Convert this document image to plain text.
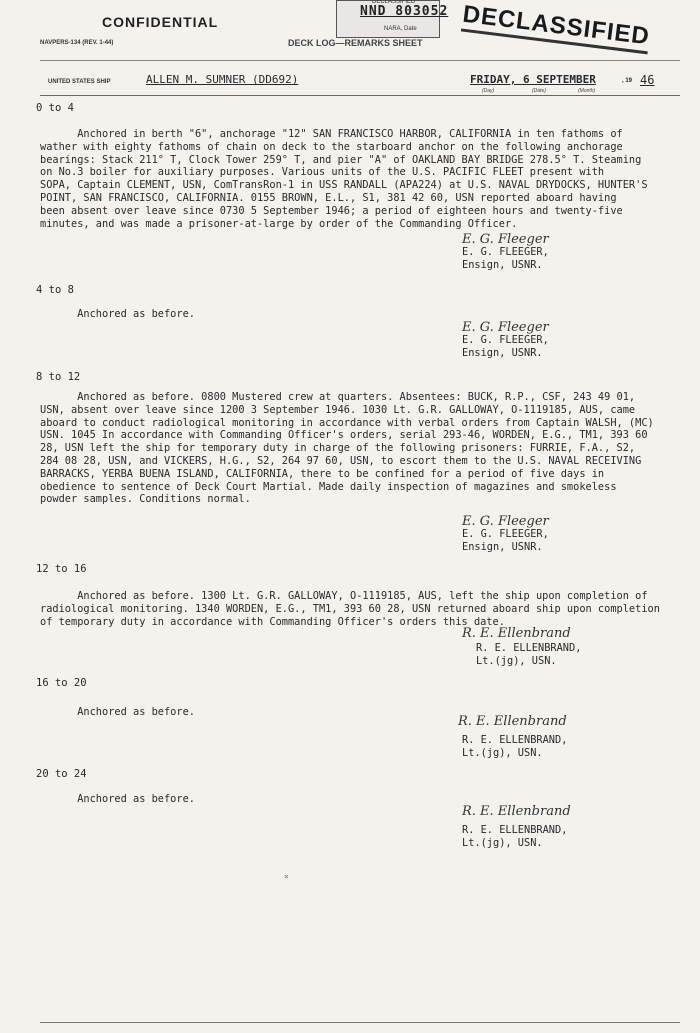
CONFIDENTIAL
NAVPERS-134 (REV. 1-44)	DECK LOG—REMARKS SHEET
DECLASSIFIED
NND 803052
NARA, Date DECLASSIFIED
UNITED STATES SHIP	ALLEN M. SUMNER (DD692)	FRIDAY, 6 SEPTEMBER
(Day)	(Date)	(Month)
, 19 46
0 to 4
Anchored in berth "6", anchorage "12" SAN FRANCISCO HARBOR, CALIFORNIA in ten fathoms of
wather with eighty fathoms of chain on deck to the starboard anchor on the following anchorage
bearings: Stack 211° T, Clock Tower 259° T, and pier "A" of OAKLAND BAY BRIDGE 278.5° T. Steaming
on No.3 boiler for auxiliary purposes. Various units of the U.S. PACIFIC FLEET present with
SOPA, Captain CLEMENT, USN, ComTransRon-1 in USS RANDALL (APA224) at U.S. NAVAL DRYDOCKS, HUNTER'S
POINT, SAN FRANCISCO, CALIFORNIA. 0155 BROWN, E.L., S1, 381 42 60, USN reported aboard having
been absent over leave since 0730 5 September 1946; a period of eighteen hours and twenty-five
minutes, and was made a prisoner-at-large by order of the Commanding Officer.
E. G. Fleeger
E. G. FLEEGER,
Ensign, USNR.
4 to 8
Anchored as before.
E. G. Fleeger
E. G. FLEEGER,
Ensign, USNR.
8 to 12
Anchored as before. 0800 Mustered crew at quarters. Absentees: BUCK, R.P., CSF, 243 49 01,
USN, absent over leave since 1200 3 September 1946. 1030 Lt. G.R. GALLOWAY, O-1119185, AUS, came
aboard to conduct radiological monitoring in accordance with verbal orders from Captain WALSH, (MC)
USN. 1045 In accordance with Commanding Officer's orders, serial 293-46, WORDEN, E.G., TM1, 393 60
28, USN left the ship for temporary duty in charge of the following prisoners: FURRIE, F.A., S2,
284 08 28, USN, and VICKERS, H.G., S2, 264 97 60, USN, to escort them to the U.S. NAVAL RECEIVING
BARRACKS, YERBA BUENA ISLAND, CALIFORNIA, there to be confined for a period of five days in
obedience to sentence of Deck Court Martial. Made daily inspection of magazines and smokeless
powder samples. Conditions normal.
E. G. Fleeger
E. G. FLEEGER,
Ensign, USNR.
12 to 16
Anchored as before. 1300 Lt. G.R. GALLOWAY, O-1119185, AUS, left the ship upon completion of
radiological monitoring. 1340 WORDEN, E.G., TM1, 393 60 28, USN returned aboard ship upon completion
of temporary duty in accordance with Commanding Officer's orders this date.
R. E. Ellenbrand
R. E. ELLENBRAND,
Lt.(jg), USN.
16 to 20
Anchored as before.
R. E. Ellenbrand
R. E. ELLENBRAND,
Lt.(jg), USN.
20 to 24
Anchored as before.
R. E. Ellenbrand
R. E. ELLENBRAND,
Lt.(jg), USN.
×
